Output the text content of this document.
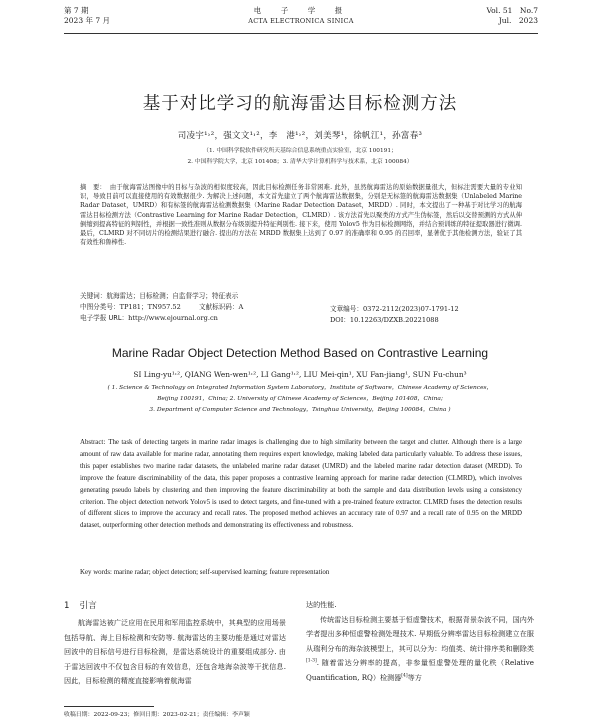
第 7 期
2023 年 7 月
电　子　学　报
ACTA ELECTRONICA SINICA
Vol. 51　No.7
Jul.　2023
基于对比学习的航海雷达目标检测方法
司凌宇¹˒²，强文文¹˒²，李　港¹˒²，刘美琴¹，徐帆江¹，孙富春³
（1. 中国科学院软件研究所天基综合信息系统重点实验室，北京 100191；
2. 中国科学院大学，北京 101408；3. 清华大学计算机科学与技术系，北京 100084）
摘　要： 由于航海雷达图像中的目标与杂波的相似度较高，因此目标检测任务非常困难. 此外，虽然航海雷达的原始数据量很大，但标注需要大量的专业知识，导致目前可以直接使用的有效数据很少. 为解决上述问题，本文首先建立了两个航海雷达数据集，分别是无标签的航海雷达数据集（Unlabeled Marine Radar Dataset，UMRD）和有标签的航海雷达检测数据集（Marine Radar Detection Dataset，MRDD）. 同时，本文提出了一种基于对比学习的航海雷达目标检测方法（Contrastive Learning for Marine Radar Detection，CLMRD）. 该方法首先以聚类的方式产生伪标签，然后以交替预测的方式从伸倒缩到提高特征的判别性，并根据一致性准则从数据分布级别提升特征判别性. 接下来，使用 Yolov5 作为目标检测网络，并结合预训练的特征提取器进行微调. 最后，CLMRD 对不同切片的检测结果进行融合. 提出的方法在 MRDD 数据集上达到了 0.97 的准确率和 0.95 的召回率，显著优于其他检测方法，验证了其有效性和鲁棒性.
关键词：航海雷达；目标检测；自监督学习；特征表示
中图分类号：TP181；TN957.52	文献标识码：A	文章编号：0372-2112(2023)07-1791-12
电子学报 URL：http://www.ejournal.org.cn	DOI：10.12263/DZXB.20221088
Marine Radar Object Detection Method Based on Contrastive Learning
SI Ling-yu¹˒², QIANG Wen-wen¹˒², LI Gang¹˒², LIU Mei-qin¹, XU Fan-jiang¹, SUN Fu-chun³
( 1. Science & Technology on Integrated Information System Laboratory，Institute of Software，Chinese Academy of Sciences，
Beijing 100191，China; 2. University of Chinese Academy of Sciences，Beijing 101408，China;
3. Department of Computer Science and Technology，Tsinghua University，Beijing 100084，China )
Abstract: The task of detecting targets in marine radar images is challenging due to high similarity between the target and clutter. Although there is a large amount of raw data available for marine radar, annotating them requires expert knowledge, making labeled data particularly valuable. To address these issues, this paper establishes two marine radar datasets, the unlabeled marine radar dataset (UMRD) and the labeled marine radar detection dataset (MRDD). To improve the feature discriminability of the data, this paper proposes a contrastive learning approach for marine radar detection (CLMRD), which involves generating pseudo labels by clustering and then improving the feature discriminability at both the sample and data distribution levels using a consistency criterion. The object detection network Yolov5 is used to detect targets, and fine-tuned with a pre-trained feature extractor. CLMRD fuses the detection results of different slices to improve the accuracy and recall rates. The proposed method achieves an accuracy rate of 0.97 and a recall rate of 0.95 on the MRDD dataset, outperforming other detection methods and demonstrating its effectiveness and robustness.
Key words: marine radar; object detection; self-supervised learning; feature representation
1 引言

航海雷达被广泛应用在民用和军用监控系统中，其典型的应用场景包括导航、海上目标检测和安防等. 航海雷达的主要功能是通过对雷达回波中的目标信号进行目标检测，是雷达系统设计的重要组成部分. 由于雷达回波中不仅包含目标的有效信息，还包含地海杂波等干扰信息. 因此，目标检测的精度直接影响着航海雷

达的性能.

传统雷达目标检测主要基于恒虚警技术，根据背景杂波不同，国内外学者提出多种恒虚警检测处理技术. 早期低分辨率雷达目标检测建立在服从瑞利分布的海杂波模型上，其可以分为：均值类、统计排序类和删除类[1-3]. 随着雷达分辨率的提高，非参量恒虚警处理的量化秩（Relative Quantification, RQ）检测器[4]等方

收稿日期：2022-09-23；修回日期：2023-02-21；责任编辑：李声颖
